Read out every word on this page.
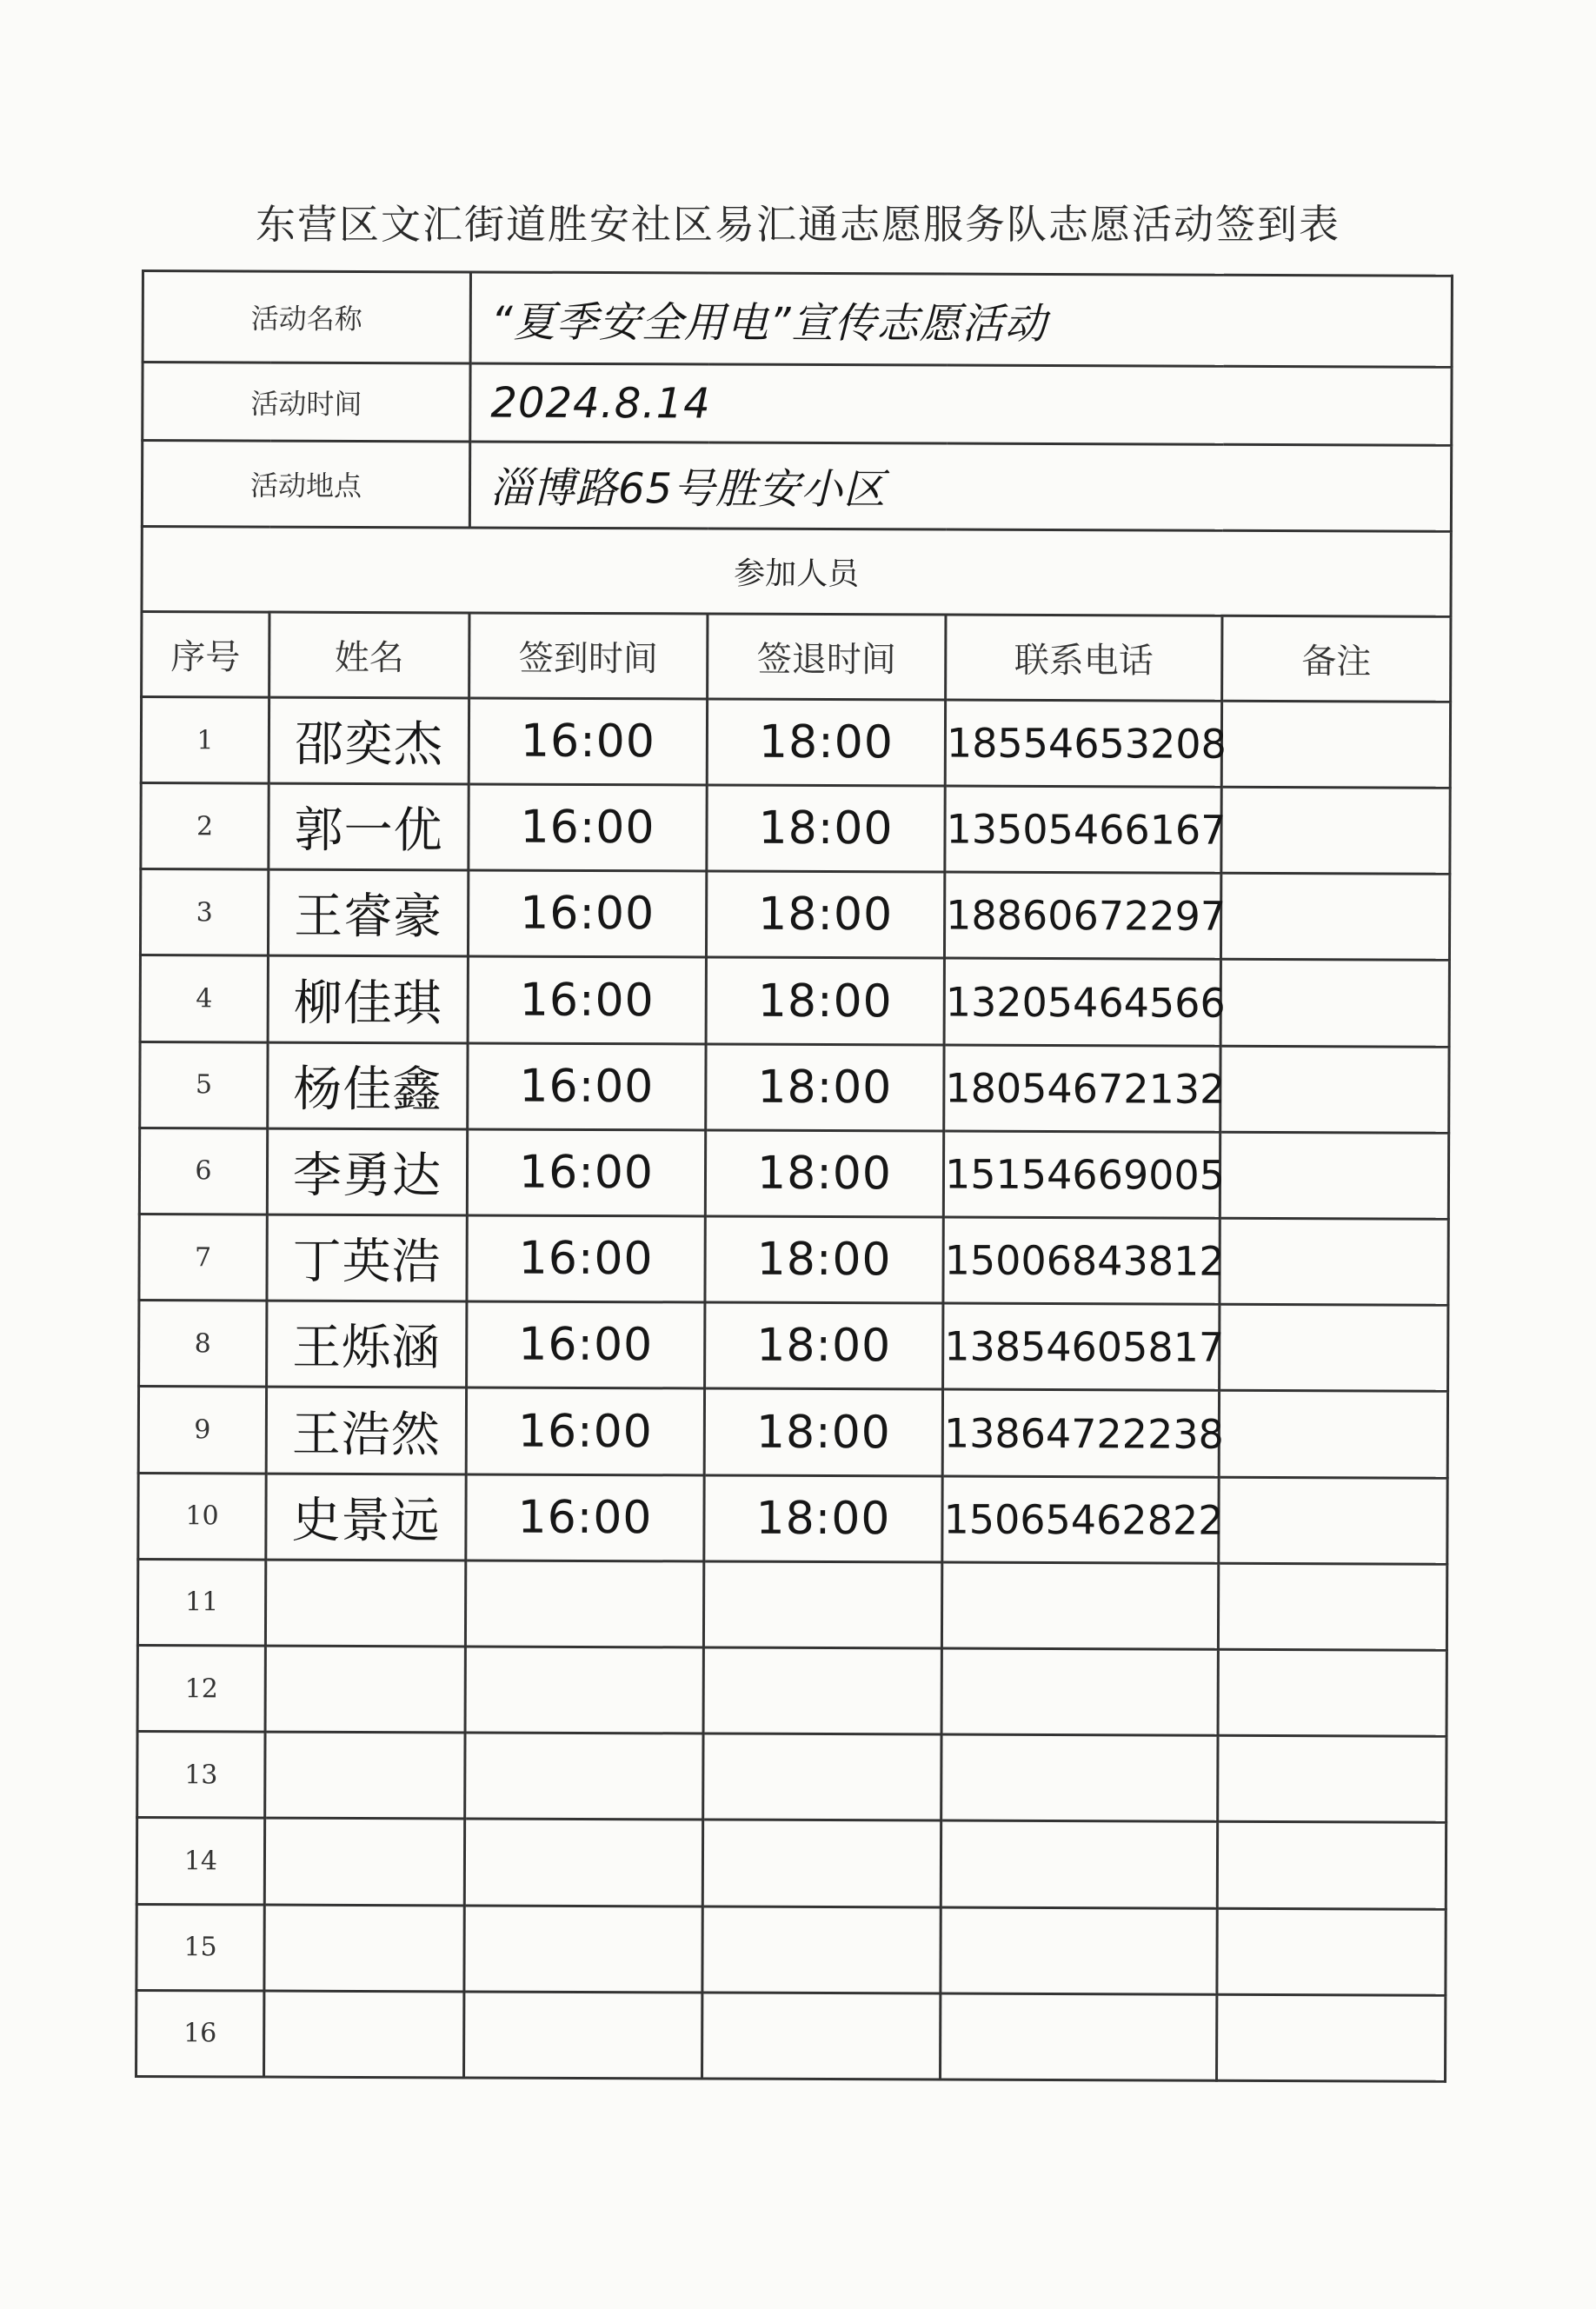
东营区文汇街道胜安社区易汇通志愿服务队志愿活动签到表
活动名称		“夏季安全用电”宣传志愿活动			
活动时间		2024.8.14			
活动地点		淄博路65号胜安小区			
参加人员					
序号	姓名	签到时间	签退时间	联系电话	备注
1	邵奕杰	16:00	18:00	18554653208	
2	郭一优	16:00	18:00	13505466167	
3	王睿豪	16:00	18:00	18860672297	
4	柳佳琪	16:00	18:00	13205464566	
5	杨佳鑫	16:00	18:00	18054672132	
6	李勇达	16:00	18:00	15154669005	
7	丁英浩	16:00	18:00	15006843812	
8	王烁涵	16:00	18:00	13854605817	
9	王浩然	16:00	18:00	13864722238	
10	史景远	16:00	18:00	15065462822	
11					
12					
13					
14					
15					
16					
